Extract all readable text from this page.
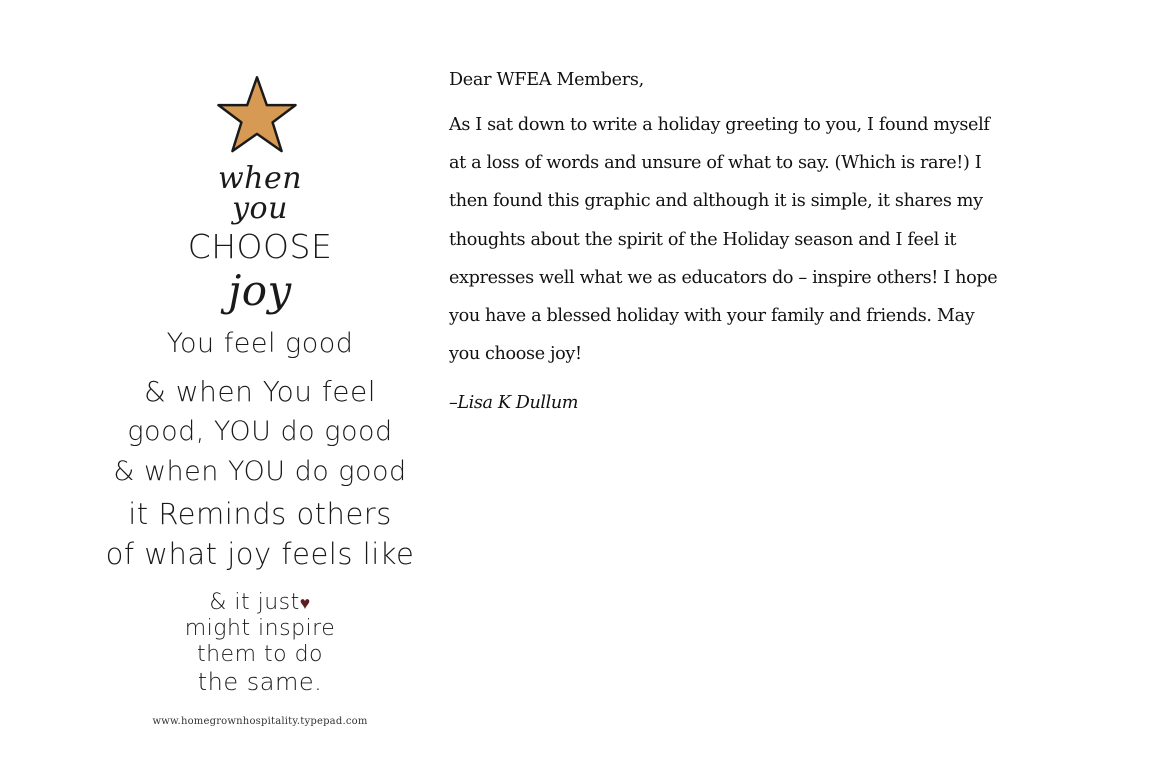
when
you
CHOOSE
joy
You feel good
& when You feel
good, YOU do good
& when YOU do good
it Reminds others
of what joy feels like
& it just♥
might inspire
them to do
the same.
www.homegrownhospitality.typepad.com

Dear WFEA Members,

As I sat down to write a holiday greeting to you, I found myself
at a loss of words and unsure of what to say. (Which is rare!) I
then found this graphic and although it is simple, it shares my
thoughts about the spirit of the Holiday season and I feel it
expresses well what we as educators do – inspire others! I hope
you have a blessed holiday with your family and friends. May
you choose joy!

–Lisa K Dullum
